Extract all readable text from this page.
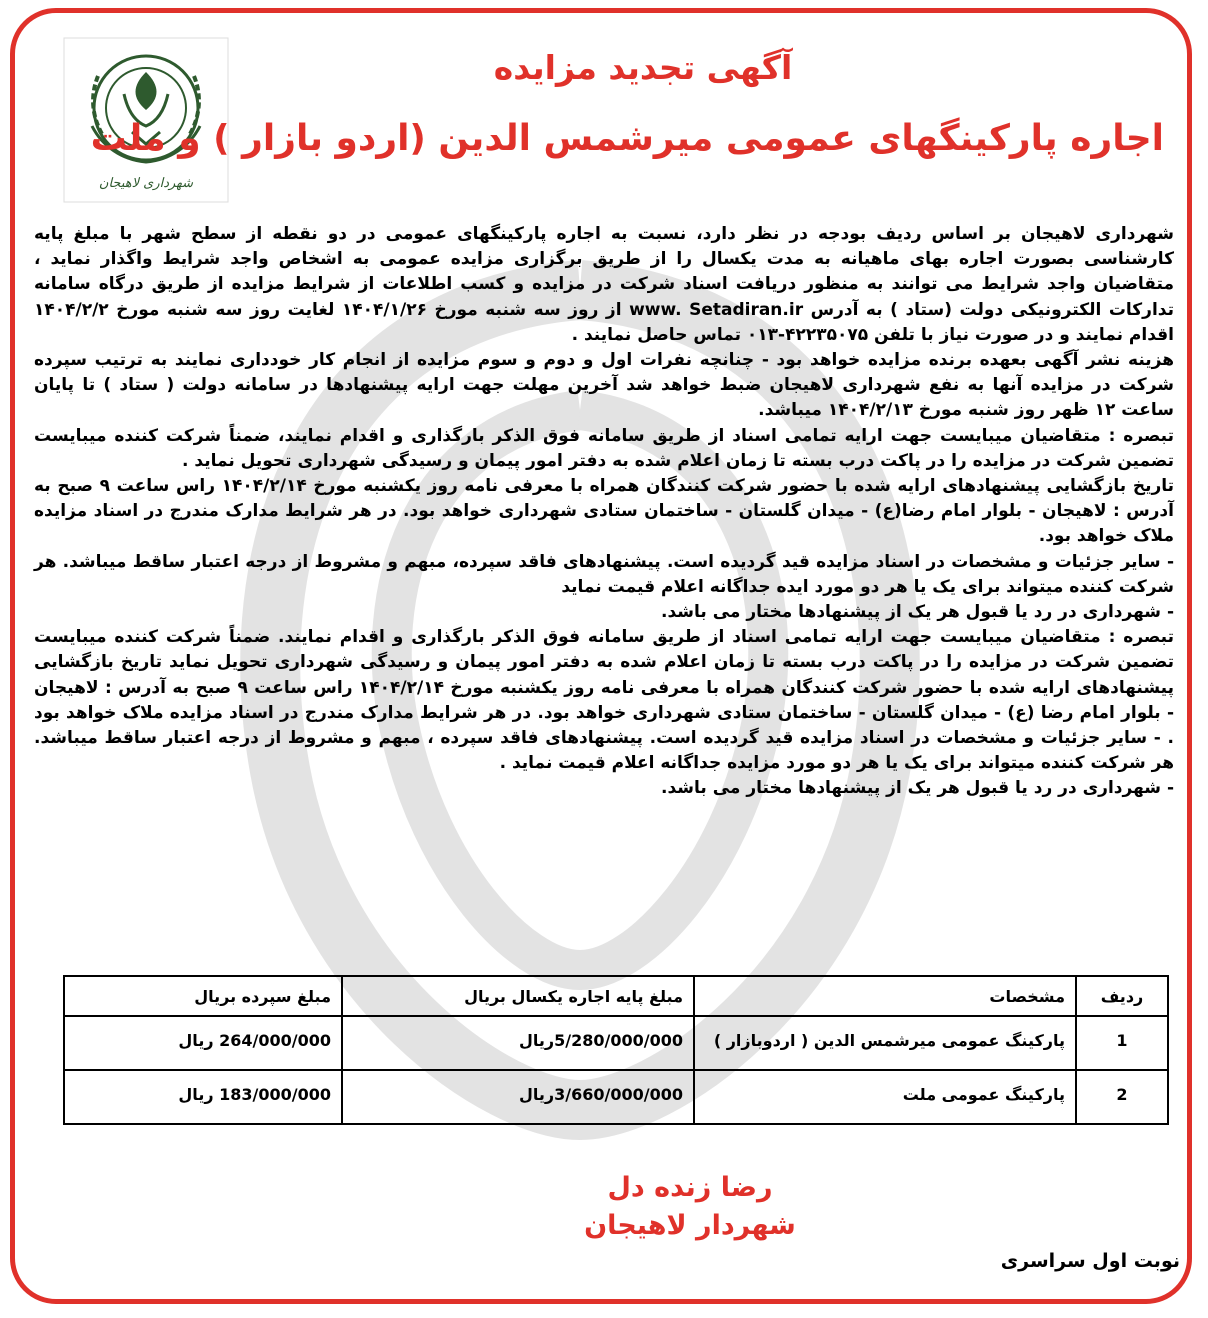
شهرداری لاهیجان
آگهی تجدید مزایده
اجاره پارکینگهای عمومی میرشمس الدین (اردو بازار ) و ملت

شهرداری لاهیجان بر اساس ردیف بودجه در نظر دارد، نسبت به اجاره پارکینگهای عمومی در دو نقطه از سطح شهر با مبلغ پایه کارشناسی بصورت اجاره بهای ماهیانه به مدت یکسال را از طریق برگزاری مزایده عمومی به اشخاص واجد شرایط واگذار نماید ، متقاضیان واجد شرایط می توانند به منظور دریافت اسناد شرکت در مزایده و کسب اطلاعات از شرایط مزایده از طریق درگاه سامانه تدارکات الکترونیکی دولت (ستاد ) به آدرس www. Setadiran.ir از روز سه شنبه مورخ ۱۴۰۴/۱/۲۶ لغایت روز سه شنبه مورخ ۱۴۰۴/۲/۲ اقدام نمایند و در صورت نیاز با تلفن ۴۲۲۳۵۰۷۵-۰۱۳ تماس حاصل نمایند .

هزینه نشر آگهی بعهده برنده مزایده خواهد بود - چنانچه نفرات اول و دوم و سوم مزایده از انجام کار خودداری نمایند به ترتیب سپرده شرکت در مزایده آنها به نفع شهرداری لاهیجان ضبط خواهد شد آخرین مهلت جهت ارایه پیشنهادها در سامانه دولت ( ستاد ) تا پایان ساعت ۱۲ ظهر روز شنبه مورخ ۱۴۰۴/۲/۱۳ میباشد.

تبصره : متقاضیان میبایست جهت ارایه تمامی اسناد از طریق سامانه فوق الذکر بارگذاری و اقدام نمایند، ضمناً شرکت کننده میبایست تضمین شرکت در مزایده را در پاکت درب بسته تا زمان اعلام شده به دفتر امور پیمان و رسیدگی شهرداری تحویل نماید .

تاریخ بازگشایی پیشنهادهای ارایه شده با حضور شرکت کنندگان همراه با معرفی نامه روز یکشنبه مورخ ۱۴۰۴/۲/۱۴ راس ساعت ۹ صبح به آدرس : لاهیجان - بلوار امام رضا(ع) - میدان گلستان - ساختمان ستادی شهرداری خواهد بود. در هر شرایط مدارک مندرج در اسناد مزایده ملاک خواهد بود.

- سایر جزئیات و مشخصات در اسناد مزایده قید گردیده است. پیشنهادهای فاقد سپرده، مبهم و مشروط از درجه اعتبار ساقط میباشد. هر شرکت کننده میتواند برای یک یا هر دو مورد ایده جداگانه اعلام قیمت نماید

- شهرداری در رد یا قبول هر یک از پیشنهادها مختار می باشد.

تبصره : متقاضیان میبایست جهت ارایه تمامی اسناد از طریق سامانه فوق الذکر بارگذاری و اقدام نمایند. ضمناً شرکت کننده میبایست تضمین شرکت در مزایده را در پاکت درب بسته تا زمان اعلام شده به دفتر امور پیمان و رسیدگی شهرداری تحویل نماید تاریخ بازگشایی پیشنهادهای ارایه شده با حضور شرکت کنندگان همراه با معرفی نامه روز یکشنبه مورخ ۱۴۰۴/۲/۱۴ راس ساعت ۹ صبح به آدرس : لاهیجان - بلوار امام رضا (ع) - میدان گلستان - ساختمان ستادی شهرداری خواهد بود. در هر شرایط مدارک مندرج در اسناد مزایده ملاک خواهد بود . - سایر جزئیات و مشخصات در اسناد مزایده قید گردیده است. پیشنهادهای فاقد سپرده ، مبهم و مشروط از درجه اعتبار ساقط میباشد. هر شرکت کننده میتواند برای یک یا هر دو مورد مزایده جداگانه اعلام قیمت نماید .

- شهرداری در رد یا قبول هر یک از پیشنهادها مختار می باشد.

ردیف	مشخصات	مبلغ پایه اجاره یکسال بریال	مبلغ سپرده بریال
1	پارکینگ عمومی میرشمس الدین ( اردوبازار )	5/280/000/000ریال	264/000/000 ریال
2	پارکینگ عمومی ملت	3/660/000/000ریال	183/000/000 ریال
رضا زنده دل
شهردار لاهیجان
نوبت اول سراسری
